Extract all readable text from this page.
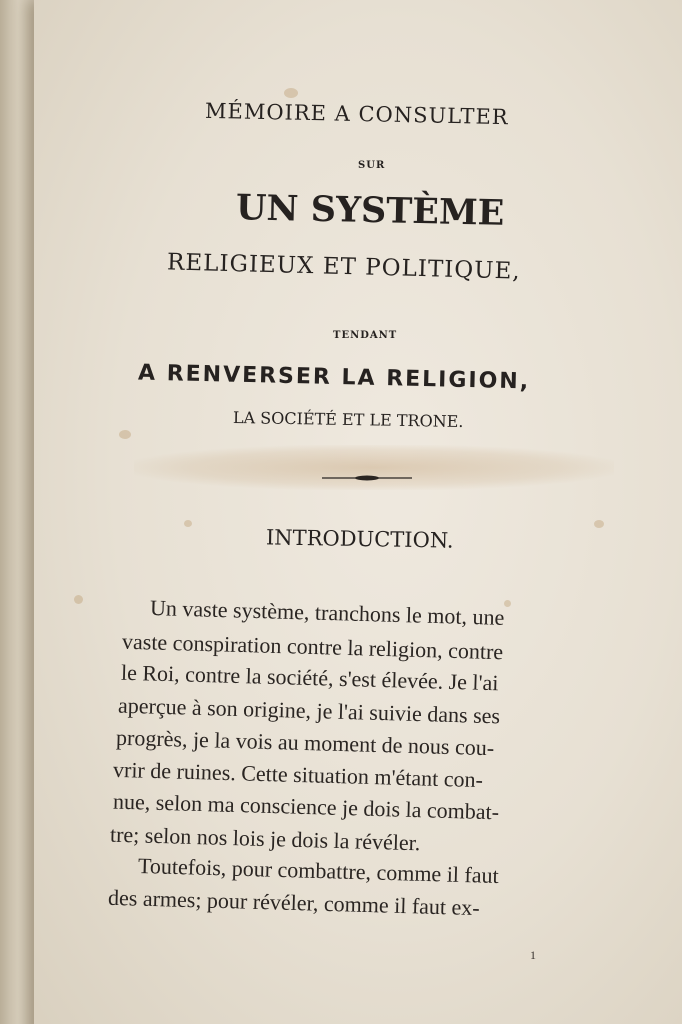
MÉMOIRE A CONSULTER
SUR
UN SYSTÈME
RELIGIEUX ET POLITIQUE,
TENDANT
A RENVERSER LA RELIGION,
LA SOCIÉTÉ ET LE TRONE.
INTRODUCTION.
Un vaste système, tranchons le mot, une
vaste conspiration contre la religion, contre
le Roi, contre la société, s'est élevée. Je l'ai
aperçue à son origine, je l'ai suivie dans ses
progrès, je la vois au moment de nous cou-
vrir de ruines. Cette situation m'étant con-
nue, selon ma conscience je dois la combat-
tre; selon nos lois je dois la révéler.
Toutefois, pour combattre, comme il faut
des armes; pour révéler, comme il faut ex-
1
